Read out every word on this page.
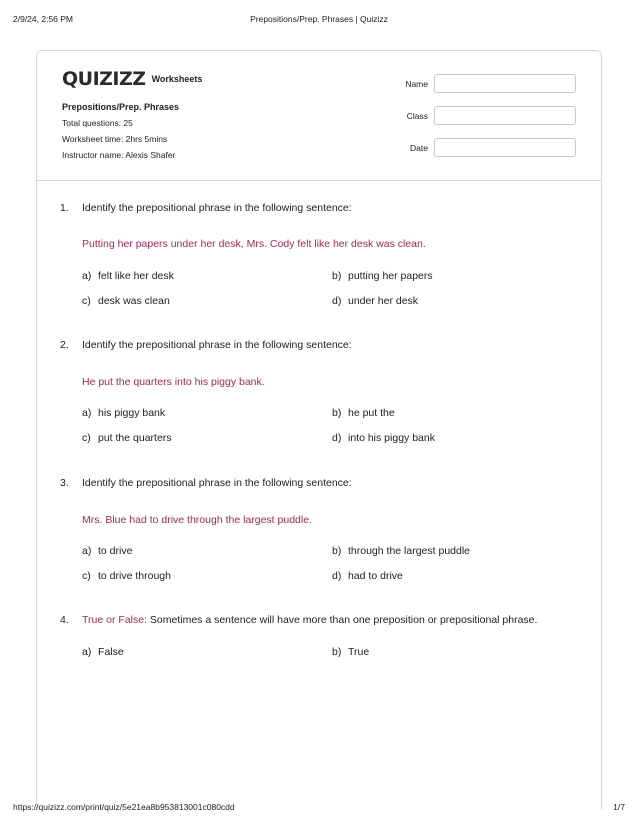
2/9/24, 2:56 PM	Prepositions/Prep. Phrases | Quizizz
QUIZIZZ Worksheets
Prepositions/Prep. Phrases
Total questions: 25
Worksheet time: 2hrs 5mins
Instructor name: Alexis Shafer
Name
Class
Date
1. Identify the prepositional phrase in the following sentence:
Putting her papers under her desk, Mrs. Cody felt like her desk was clean.
a) felt like her desk	b) putting her papers
c) desk was clean	d) under her desk
2. Identify the prepositional phrase in the following sentence:
He put the quarters into his piggy bank.
a) his piggy bank	b) he put the
c) put the quarters	d) into his piggy bank
3. Identify the prepositional phrase in the following sentence:
Mrs. Blue had to drive through the largest puddle.
a) to drive	b) through the largest puddle
c) to drive through	d) had to drive
4. True or False: Sometimes a sentence will have more than one preposition or prepositional phrase.
a) False	b) True
https://quizizz.com/print/quiz/5e21ea8b953813001c080cdd	1/7
